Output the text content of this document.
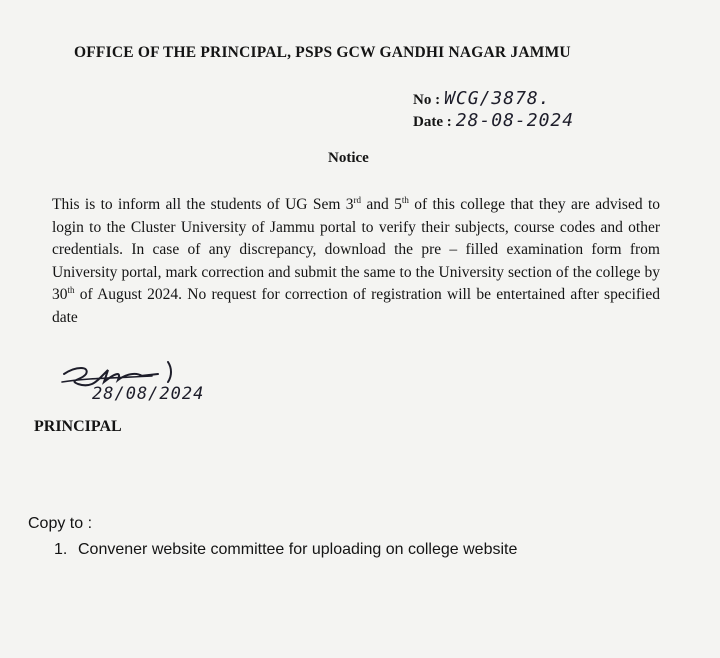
OFFICE OF THE PRINCIPAL, PSPS GCW GANDHI NAGAR JAMMU
No : WCG/3878.
Date : 28-08-2024
Notice

This is to inform all the students of UG Sem 3rd and 5th of this college that they are advised to login to the Cluster University of Jammu portal to verify their subjects, course codes and other credentials. In case of any discrepancy, download the pre – filled examination form from University portal, mark correction and submit the same to the University section of the college by 30th of August 2024. No request for correction of registration will be entertained after specified date

28/08/2024
PRINCIPAL
Copy to :
1. Convener website committee for uploading on college website
